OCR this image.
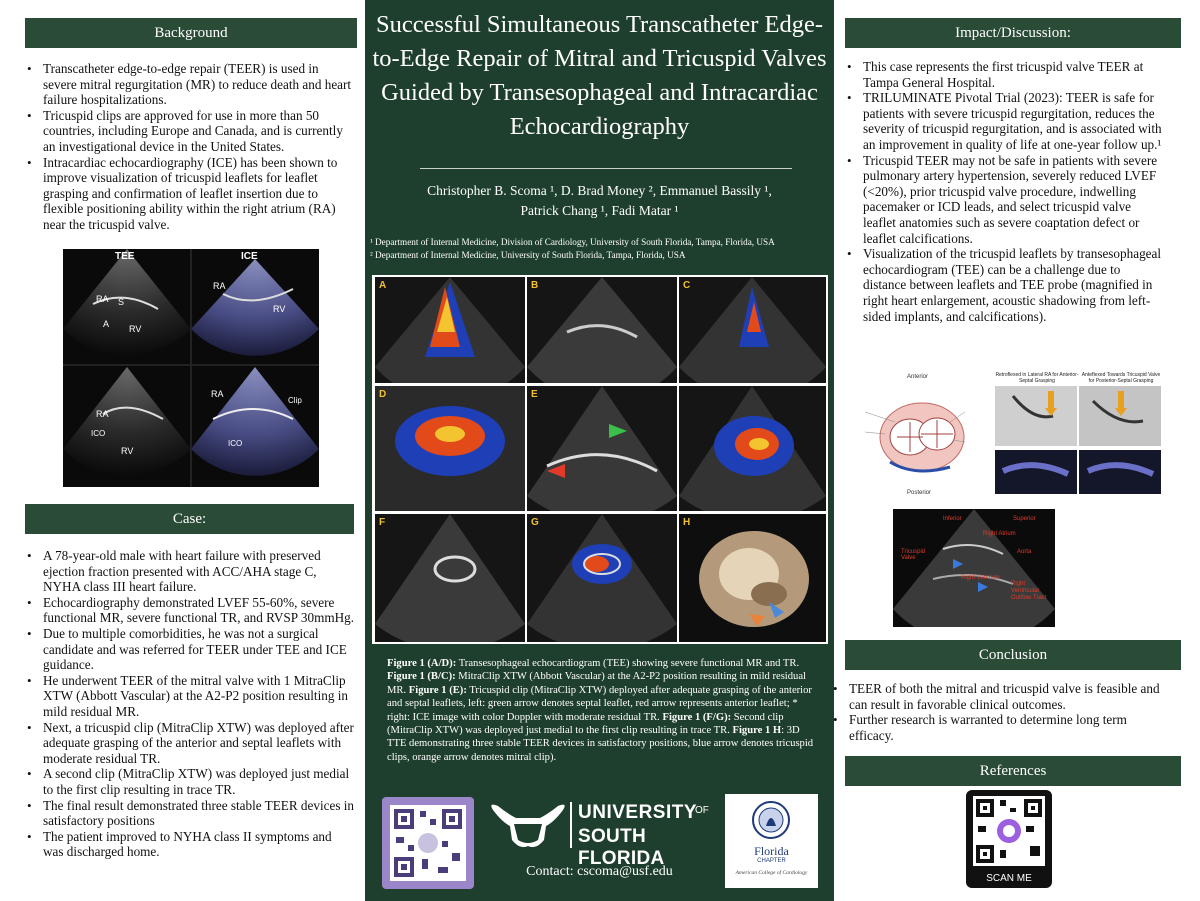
Background
• Transcatheter edge-to-edge repair (TEER) is used in severe mitral regurgitation (MR) to reduce death and heart failure hospitalizations.
• Tricuspid clips are approved for use in more than 50 countries, including Europe and Canada, and is currently an investigational device in the United States.
• Intracardiac echocardiography (ICE) has been shown to improve visualization of tricuspid leaflets for leaflet grasping and confirmation of leaflet insertion due to flexible positioning ability within the right atrium (RA) near the tricuspid valve.
TEE	ICE
RA S
A RV
RA
RV
RA
ICO
RV
RA
Clip
ICO
Case:
• A 78-year-old male with heart failure with preserved ejection fraction presented with ACC/AHA stage C, NYHA class III heart failure.
• Echocardiography demonstrated LVEF 55-60%, severe functional MR, severe functional TR, and RVSP 30mmHg.
• Due to multiple comorbidities, he was not a surgical candidate and was referred for TEER under TEE and ICE guidance.
• He underwent TEER of the mitral valve with 1 MitraClip XTW (Abbott Vascular) at the A2-P2 position resulting in mild residual MR.
• Next, a tricuspid clip (MitraClip XTW) was deployed after adequate grasping of the anterior and septal leaflets with moderate residual TR.
• A second clip (MitraClip XTW) was deployed just medial to the first clip resulting in trace TR.
• The final result demonstrated three stable TEER devices in satisfactory positions
• The patient improved to NYHA class II symptoms and was discharged home.
Successful Simultaneous Transcatheter Edge-to-Edge Repair of Mitral and Tricuspid Valves Guided by Transesophageal and Intracardiac Echocardiography
Christopher B. Scoma ¹, D. Brad Money ², Emmanuel Bassily ¹,
Patrick Chang ¹, Fadi Matar ¹
¹ Department of Internal Medicine, Division of Cardiology, University of South Florida, Tampa, Florida, USA
² Department of Internal Medicine, University of South Florida, Tampa, Florida, USA
A	B	C
D	E
F	G	H
Figure 1 (A/D): Transesophageal echocardiogram (TEE) showing severe functional MR and TR. Figure 1 (B/C): MitraClip XTW (Abbott Vascular) at the A2-P2 position resulting in mild residual MR. Figure 1 (E): Tricuspid clip (MitraClip XTW) deployed after adequate grasping of the anterior and septal leaflets, left: green arrow denotes septal leaflet, red arrow represents anterior leaflet; * right: ICE image with color Doppler with moderate residual TR. Figure 1 (F/G): Second clip (MitraClip XTW) was deployed just medial to the first clip resulting in trace TR. Figure 1 H: 3D TTE demonstrating three stable TEER devices in satisfactory positions, blue arrow denotes tricuspid clips, orange arrow denotes mitral clip).
UNIVERSITY
OF
SOUTH FLORIDA	Florida
CHAPTER
American College of Cardiology
Contact: cscoma@usf.edu
Impact/Discussion:
• This case represents the first tricuspid valve TEER at Tampa General Hospital.
• TRILUMINATE Pivotal Trial (2023): TEER is safe for patients with severe tricuspid regurgitation, reduces the severity of tricuspid regurgitation, and is associated with an improvement in quality of life at one-year follow up.¹
• Tricuspid TEER may not be safe in patients with severe pulmonary artery hypertension, severely reduced LVEF (<20%), prior tricuspid valve procedure, indwelling pacemaker or ICD leads, and select tricuspid valve leaflet anatomies such as severe coaptation defect or leaflet calcifications.
• Visualization of the tricuspid leaflets by transesophageal echocardiogram (TEE) can be a challenge due to distance between leaflets and TEE probe (magnified in right heart enlargement, acoustic shadowing from left-sided implants, and calcifications).
Anterior
Posterior
Retroflexed in Lateral RA for Anterior-Septal Grasping
Anteflexed Towards Tricuspid Valve for Posterior-Septal Grasping
Inferior	Superior
Right Atrium
Tricuspid Valve
Aorta
Right Ventricle
Right Ventricular Outflow Tract
Conclusion
• TEER of both the mitral and tricuspid valve is feasible and can result in favorable clinical outcomes.
• Further research is warranted to determine long term efficacy.
References
SCAN ME
